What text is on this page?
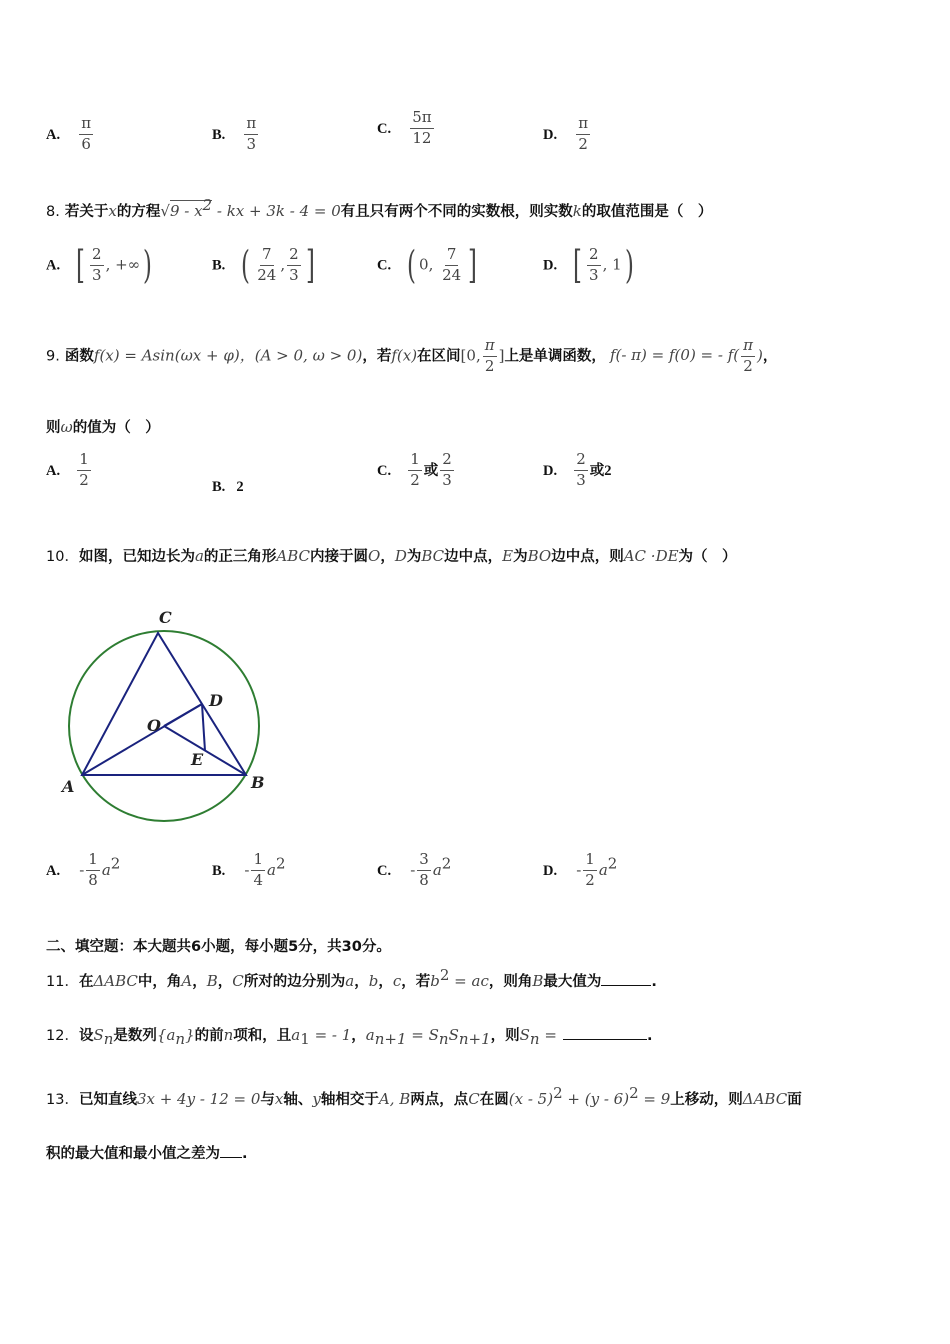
A. $\frac{\pi}{6}$	B. $\frac{\pi}{3}$	C. $\frac{5\pi}{12}$	D. $\frac{\pi}{2}$
8. 若关于x的方程$√9 - x^2$ - kx + 3k - 4 = 0有且只有两个不同的实数根，则实数k的取值范围是（　）
A. [ $\frac{2}{3}$ , +∞)	B. ( $\frac{7}{24}$ , $\frac{2}{3}$ ]	C. ( 0, $\frac{7}{24}$ ]	D. [ $\frac{2}{3}$ , 1)
9. 函数f(x) = Asin(ωx + φ)，(A > 0, ω > 0)，若f(x)在区间[0, $\frac{\pi}{2}$ ]上是单调函数， f(- π) = f(0) = - $f( \frac{\pi}{2}$ )，
则ω的值为（　）
A. $\frac{1}{2}$	B. 2
C. $\frac{1}{2}$ 或 $\frac{2}{3}$	D. $\frac{2}{3}$ 或2
10．如图，已知边长为a的正三角形ABC内接于圆O，D为BC边中点，E为BO边中点，则AC ·DE为（　）
C
D
O
E
A	B
A. - $\frac{1}{8} a^2$	B. - $\frac{1}{4} a^2$	C. - $\frac{3}{8} a^2$	D. - $\frac{1}{2} a^2$
二、填空题：本大题共6小题，每小题5分，共30分。
11．在ΔABC中，角A，B，C所对的边分别为a，b，c，若$b^2$ = ac，则角B最大值为	.
12．设$S_n$是数列$\{a_n\}$的前n项和，且$a_1$ = - 1，$a_{n+1} = S_nS_{n+1}$，则$S_n$ =	.
13．已知直线3x + 4y - 12 = 0与x轴、y轴相交于A, B两点，点C在圆(x - 5)$^2$ + (y - 6)$^2$ = 9上移动，则ΔABC面
积的最大值和最小值之差为 .
